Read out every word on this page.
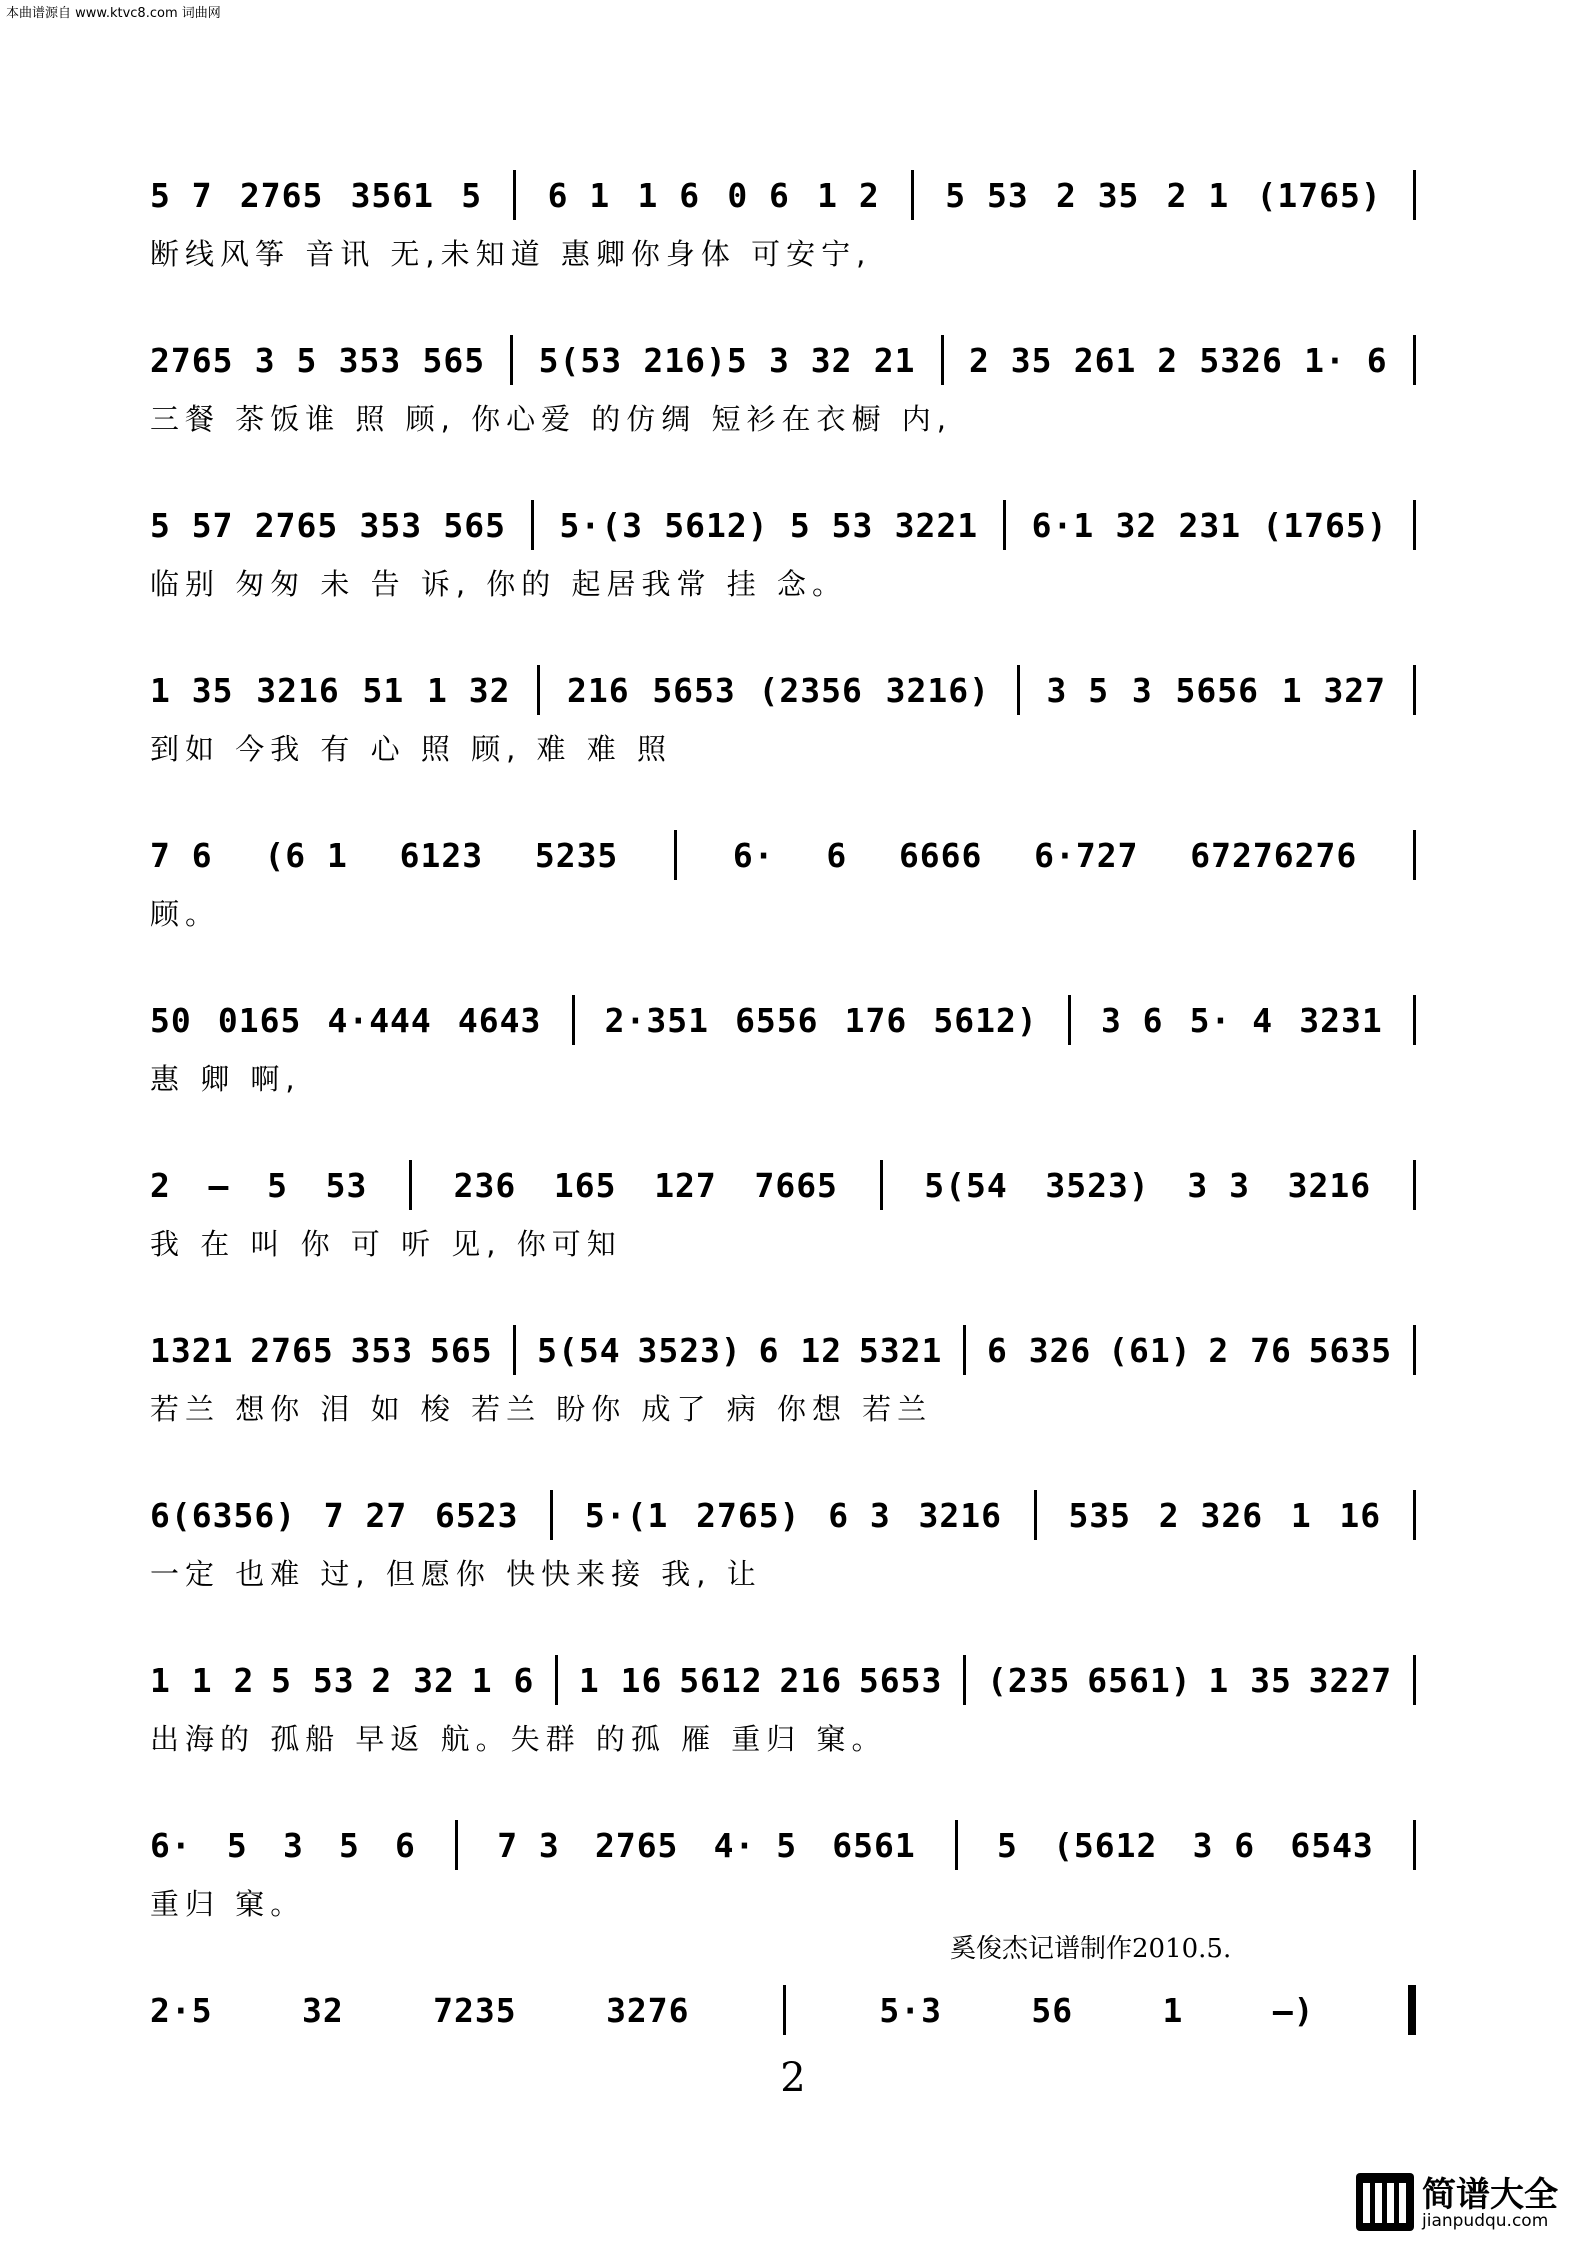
本曲谱源自 www.ktvc8.com 词曲网
5 7 2765 3561 5 6 1 1 6 0 6 1 2 5 53 2 35 2 1 (1765)
断线风筝 音讯 无,未知道 惠卿你身体 可安宁,
2765 3 5 353 565 5(53 216)5 3 32 21 2 35 261 2 5326 1· 6
三餐 茶饭谁 照 顾, 你心爱 的仿绸 短衫在衣橱 内,
5 57 2765 353 565 5·(3 5612) 5 53 3221 6·1 32 231 (1765)
临别 匆匆 未 告 诉, 你的 起居我常 挂 念。
1 35 3216 51 1 32 216 5653 (2356 3216) 3 5 3 5656 1 327
到如 今我 有 心 照 顾, 难 难 照
7 6 (6 1 6123 5235	6· 6 6666 6·727 67276276
顾。
50 0165 4·444 4643 2·351 6556 176 5612) 3 6 5· 4 3231
惠 卿 啊,
2 – 5 53	236 165 127 7665	5(54 3523) 3 3 3216
我 在 叫 你 可 听 见, 你可知
1321 2765 353 565 5(54 3523) 6 12 5321 6 326 (61) 2 76 5635
若兰 想你 泪 如 梭 若兰 盼你 成了 病 你想 若兰
6(6356) 7 27 6523 5·(1 2765) 6 3 3216 535 2 326 1 16
一定 也难 过, 但愿你 快快来接 我, 让
1 1 2 5 53 2 32 1 6 1 16 5612 216 5653 (235 6561) 1 35 3227
出海的 孤船 早返 航。失群 的孤 雁 重归 窠。
6· 5 3 5 6 7 3 2765 4· 5 6561 5 (5612 3 6 6543
重归 窠。
2·5	32	7235	3276	5·3	56	1	–)
奚俊杰记谱制作2010.5.
2
简谱大全
jianpudqu.com
